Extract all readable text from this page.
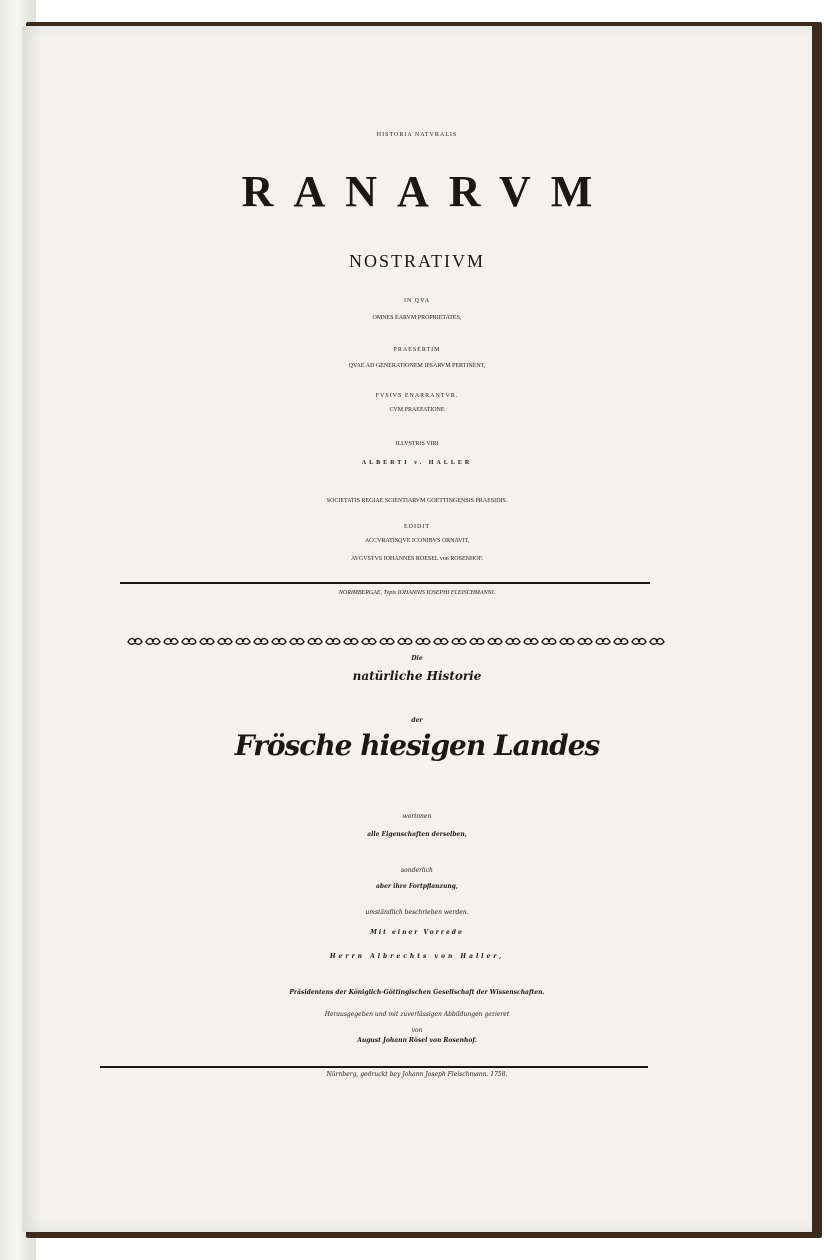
HISTORIA NATVRALIS

RANARVM

NOSTRATIVM

IN QVA

OMNES EARVM PROPRIETATES,

PRAESERTIM

QVAE AD GENERATIONEM IPSARVM PERTINENT,

FVSIVS ENARRANTVR.

CVM PRAEFATIONE

ILLVSTRIS VIRI

ALBERTI v. HALLER

SOCIETATIS REGIAE SCIENTIARVM GOETTINGENSIS PRAESIDIS.

EDIDIT

ACCVRATISQVE ICONIBVS ORNAVIT,

AVGVSTVS IOHANNES ROESEL von ROSENHOF.

NORIMBERGAE, Typis IOHANNIS IOSEPHI FLEISCHMANNI.

Die

natürliche Historie

der

Frösche hiesigen Landes

worinnen

alle Eigenschaften derselben,

sonderlich

aber ihre Fortpflanzung,

umständlich beschrieben werden.

Mit einer Vorrede

Herrn Albrechts von Haller,

Präsidentens der Königlich-Göttingischen Gesellschaft der Wissenschaften.

Herausgegeben und mit zuverlässigen Abbildungen gezieret

von

August Johann Rösel von Rosenhof.

Nürnberg, gedruckt bey Johann Joseph Fleischmann. 1758.
